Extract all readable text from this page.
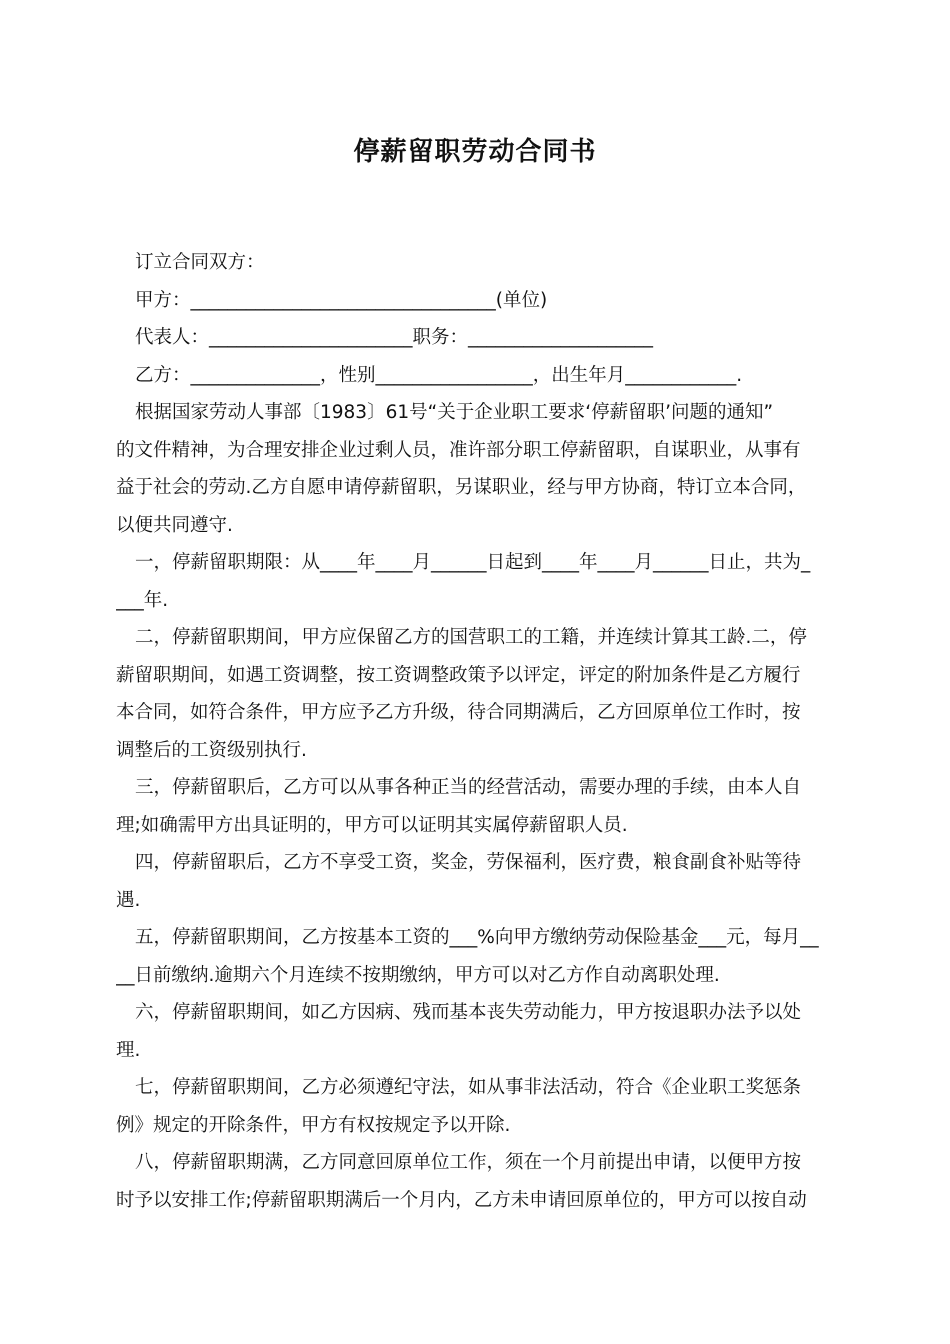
停薪留职劳动合同书
订立合同双方：
甲方：_________________________________(单位)
代表人：______________________职务：____________________
乙方：______________，性别_________________，出生年月____________.
根据国家劳动人事部〔1983〕61号“关于企业职工要求‘停薪留职’问题的通知”
的文件精神，为合理安排企业过剩人员，准许部分职工停薪留职，自谋职业，从事有
益于社会的劳动.乙方自愿申请停薪留职，另谋职业，经与甲方协商，特订立本合同，
以便共同遵守.
一，停薪留职期限：从____年____月______日起到____年____月______日止，共为_
___年.
二，停薪留职期间，甲方应保留乙方的国营职工的工籍，并连续计算其工龄.二，停
薪留职期间，如遇工资调整，按工资调整政策予以评定，评定的附加条件是乙方履行
本合同，如符合条件，甲方应予乙方升级，待合同期满后，乙方回原单位工作时，按
调整后的工资级别执行.
三，停薪留职后，乙方可以从事各种正当的经营活动，需要办理的手续，由本人自
理;如确需甲方出具证明的，甲方可以证明其实属停薪留职人员.
四，停薪留职后，乙方不享受工资，奖金，劳保福利，医疗费，粮食副食补贴等待
遇.
五，停薪留职期间，乙方按基本工资的___%向甲方缴纳劳动保险基金___元，每月__
__日前缴纳.逾期六个月连续不按期缴纳，甲方可以对乙方作自动离职处理.
六，停薪留职期间，如乙方因病、残而基本丧失劳动能力，甲方按退职办法予以处
理.
七，停薪留职期间，乙方必须遵纪守法，如从事非法活动，符合《企业职工奖惩条
例》规定的开除条件，甲方有权按规定予以开除.
八，停薪留职期满，乙方同意回原单位工作，须在一个月前提出申请，以便甲方按
时予以安排工作;停薪留职期满后一个月内，乙方未申请回原单位的，甲方可以按自动
